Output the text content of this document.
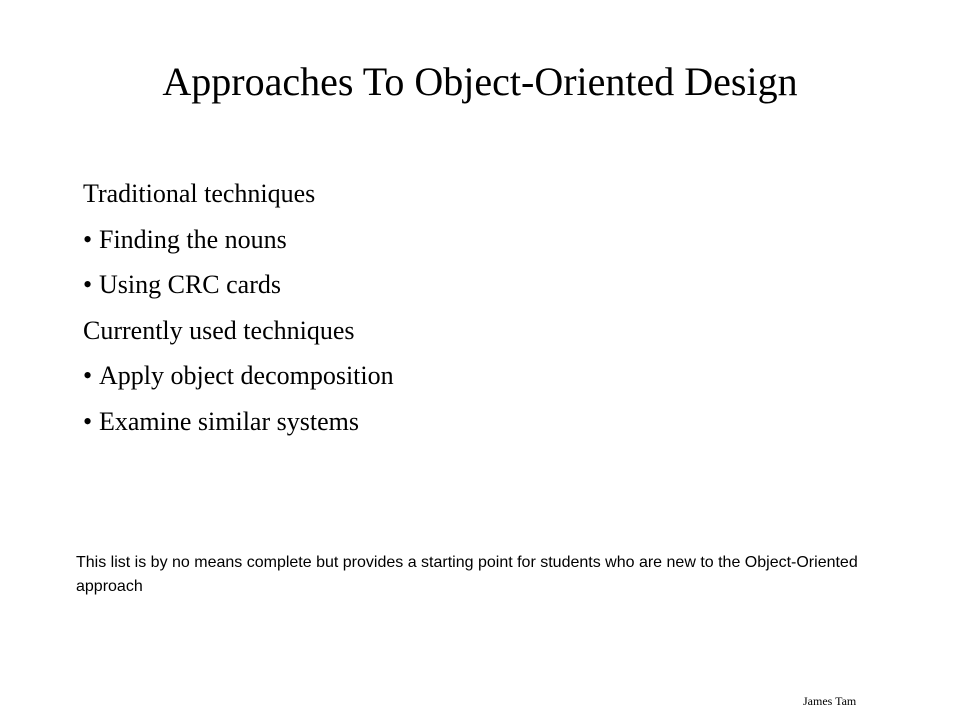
Approaches To Object-Oriented Design
Traditional techniques
• Finding the nouns
• Using CRC cards
Currently used techniques
• Apply object decomposition
• Examine similar systems
This list is by no means complete but provides a starting point for students who are new to the Object-Oriented approach
James Tam
